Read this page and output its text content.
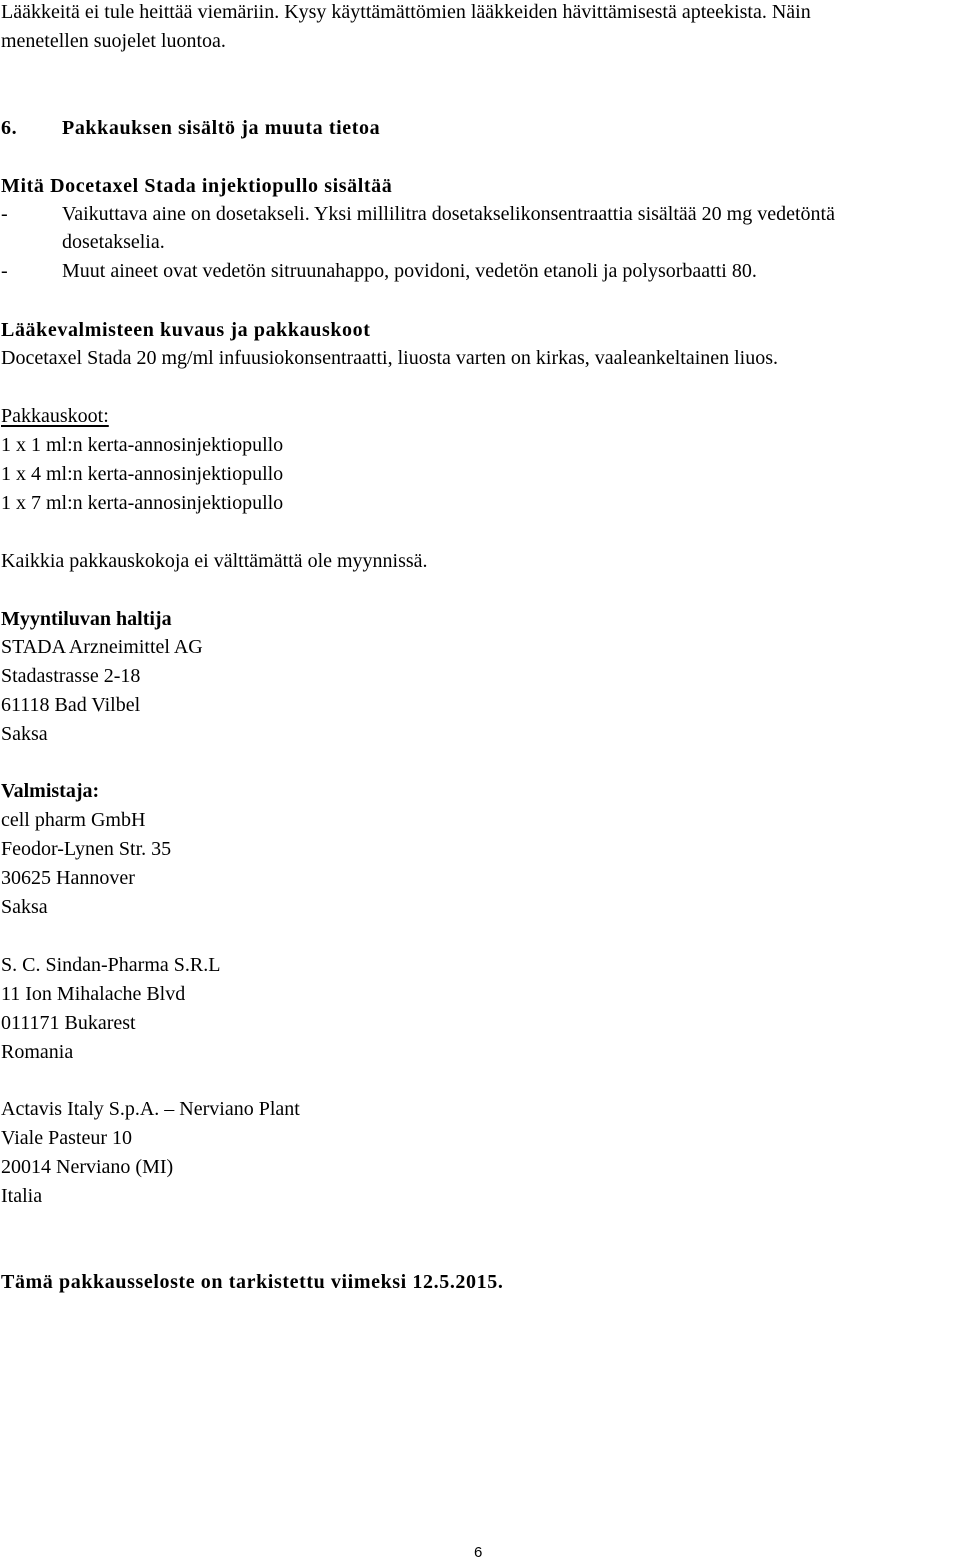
Lääkkeitä ei tule heittää viemäriin. Kysy käyttämättömien lääkkeiden hävittämisestä apteekista. Näin
menetellen suojelet luontoa.
6. Pakkauksen sisältö ja muuta tietoa
Mitä Docetaxel Stada injektiopullo sisältää
-	Vaikuttava aine on dosetakseli. Yksi millilitra dosetakselikonsentraattia sisältää 20 mg vedetöntä
dosetakselia.
-	Muut aineet ovat vedetön sitruunahappo, povidoni, vedetön etanoli ja polysorbaatti 80.
Lääkevalmisteen kuvaus ja pakkauskoot
Docetaxel Stada 20 mg/ml infuusiokonsentraatti, liuosta varten on kirkas, vaaleankeltainen liuos.
Pakkauskoot:
1 x 1 ml:n kerta-annosinjektiopullo
1 x 4 ml:n kerta-annosinjektiopullo
1 x 7 ml:n kerta-annosinjektiopullo
Kaikkia pakkauskokoja ei välttämättä ole myynnissä.
Myyntiluvan haltija
STADA Arzneimittel AG
Stadastrasse 2-18
61118 Bad Vilbel
Saksa
Valmistaja:
cell pharm GmbH
Feodor-Lynen Str. 35
30625 Hannover
Saksa
S. C. Sindan-Pharma S.R.L
11 Ion Mihalache Blvd
011171 Bukarest
Romania
Actavis Italy S.p.A. – Nerviano Plant
Viale Pasteur 10
20014 Nerviano (MI)
Italia
Tämä pakkausseloste on tarkistettu viimeksi 12.5.2015.
6
